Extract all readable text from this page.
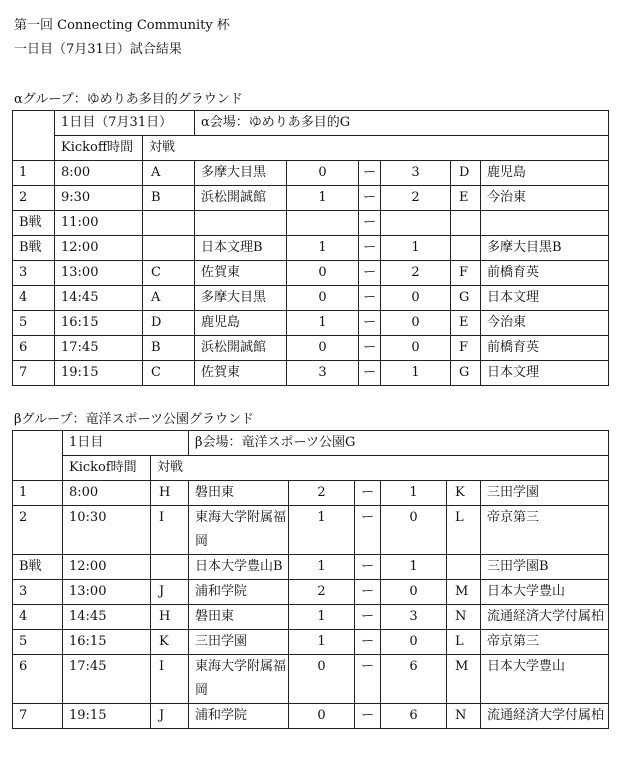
第一回 Connecting Community 杯
一日目（7月31日）試合結果
αグループ：ゆめりあ多目的グラウンド
	1日目（7月31日）		α会場：ゆめりあ多目的G					
	Kickoff時間	対戦						
1	8:00	A	多摩大目黒	0	ー	3	D	鹿児島
2	9:30	B	浜松開誠館	1	ー	2	E	今治東
B戦	11:00				ー			
B戦	12:00		日本文理B	1	ー	1		多摩大目黒B
3	13:00	C	佐賀東	0	ー	2	F	前橋育英
4	14:45	A	多摩大目黒	0	ー	0	G	日本文理
5	16:15	D	鹿児島	1	ー	0	E	今治東
6	17:45	B	浜松開誠館	0	ー	0	F	前橋育英
7	19:15	C	佐賀東	3	ー	1	G	日本文理
βグループ：竜洋スポーツ公園グラウンド
	1日目		β会場：竜洋スポーツ公園G					
	Kickof時間	対戦						
1	8:00	H	磐田東	2	ー	1	K	三田学園
2	10:30	I	東海大学附属福岡	1	ー	0	L	帝京第三
B戦	12:00		日本大学豊山B	1	ー	1		三田学園B
3	13:00	J	浦和学院	2	ー	0	M	日本大学豊山
4	14:45	H	磐田東	1	ー	3	N	流通経済大学付属柏
5	16:15	K	三田学園	1	ー	0	L	帝京第三
6	17:45	I	東海大学附属福岡	0	ー	6	M	日本大学豊山
7	19:15	J	浦和学院	0	ー	6	N	流通経済大学付属柏
